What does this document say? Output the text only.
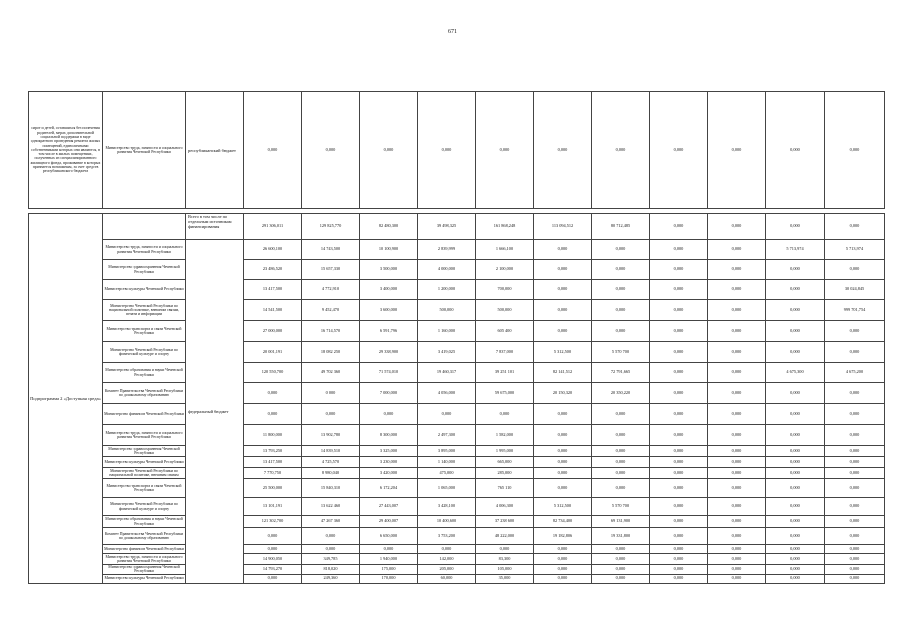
671
сирот и детей, оставшихся без попечения родителей, мерах дополнительной социальной поддержки в виде однократного проведения ремонта жилых помещений, единоличными собственниками которых они являются, в том числе в жилых помещениях, полученных из специализированного жилищного фонда, проживание в которых признается возможным, за счет средств республиканского бюджета	Министерство труда, занятости и социального развития Чеченской Республики	республиканский бюджет	0,000	0,000	0,000	0,000	0,000	0,000	0,000	0,000	0,000	0,000	0,000
Подпрограмма 2 «Доступная среда»		Всего в том числе по отдельным источникам финансирования	291 306,011	129 825,770	82 480,300	39 498,325	161 868,248	113 094,512	80 712,485	0,000	0,000	0,000	0,000
	Министерство труда, занятости и социального развития Чеченской Республики	федеральный бюджет	26 600,100	14 743,500	10 100,900	2 839,999	1 666,100	0,000	0,000	0,000	0,000	5 713,974	5 713,974
	Министерство здравоохранения Чеченской Республики		23 486,520	15 657,330	3 500,000	4 000,000	2 100,000	0,000	0,000	0,000	0,000	0,000	0,000
	Министерство культуры Чеченской Республики		13 417,500	4 772,910	3 400,000	1 200,000	700,000	0,000	0,000	0,000	0,000	0,000	30 024,845
	Министерство Чеченской Республики по национальной политике, внешним связям, печати и информации		14 541,500	9 452,470	3 600,000	500,000	500,000	0,000	0,000	0,000	0,000	0,000	999 701,754
	Министерство транспорта и связи Чеченской Республики		27 000,000	16 714,570	6 591,796	1 160,000	605 400	0,000	0,000	0,000	0,000	0,000	0,000
	Министерство Чеченской Республики по физической культуре и спорту		20 001,191	18 082 250	29 338,900	3 419,025	7 837,000	5 312,500	5 570 700	0,000	0,000	0,000	0,000
	Министерство образования и науки Чеченской Республики		120 550,700	49 702 360	71 574,010	19 460,317	39 251 101	82 141,512	72 791,665	0,000	0,000	4 675,300	4 675,200
	Комитет Правительства Чеченской Республики по дошкольному образованию		0,000	0 000	7 000,000	4 056,000	59 675,000	20 150,320	20 350,220	0,000	0,000	0,000	0,000
	Министерство финансов Чеченской Республики		0,000	0,000	0,000	0,000	0,000	0,000	0,000	0,000	0,000	0,000	0,000
	Министерство труда, занятости и социального развития Чеченской Республики		11 800,000	13 902,780	8 300,000	2 497,300	1 582,000	0,000	0,000	0,000	0,000	0,000	0,000
	Министерство здравоохранения Чеченской Республики		13 793,250	14 839,510	3 325,000	3 895,000	1 995,000	0,000	0,000	0,000	0,000	0,000	0,000
	Министерство культуры Чеченской Республики		13 417,500	4 725,570	3 230,000	1 140,000	665,000	0,000	0,000	0,000	0,000	0,000	0,000
	Министерство Чеченской Республики по национальной политике, внешним связям		7 770,750	8 980,040	3 420,000	475,000	285,000	0,000	0,000	0,000	0,000	0,000	0,000
	Министерство транспорта и связи Чеченской Республики		25 500,000	15 840,310	6 172,204	1 065,000	765 110	0,000	0,000	0,000	0,000	0,000	0,000
	Министерство Чеченской Республики по физической культуре и спорту		13 101,191	13 622 460	27 443,007	3 428,100	4 006,300	5 312,500	5 570 700	0,000	0,000	0,000	0,000
	Министерство образования и науки Чеченской Республики		121 302,700	47 267 360	29 400,007	10 400,600	37 238 600	82 734,400	69 131,900	0,000	0,000	0,000	0,000
	Комитет Правительства Чеченской Республики по дошкольному образованию		0,000	0,000	6 650,000	3 753,200	48 222,000	19 182,806	19 331,800	0,000	0,000	0,000	0,000
	Министерство финансов Чеченской Республики		0,000	0,000	0,000	0,000	0,000	0,000	0,000	0,000	0,000	0,000	0,000
	Министерство труда, занятости и социального развития Чеченской Республики		14 900,050	349,785	1 940,000	142,000	83,300	0,000	0,000	0,000	0,000	0,000	0,000
	Министерство здравоохранения Чеченской Республики		14 793,270	818,020	175,000	205,000	105,000	0,000	0,000	0,000	0,000	0,000	0,000
	Министерство культуры Чеченской Республики		0,000	249,360	170,000	60,000	35,000	0,000	0,000	0,000	0,000	0,000	0,000
